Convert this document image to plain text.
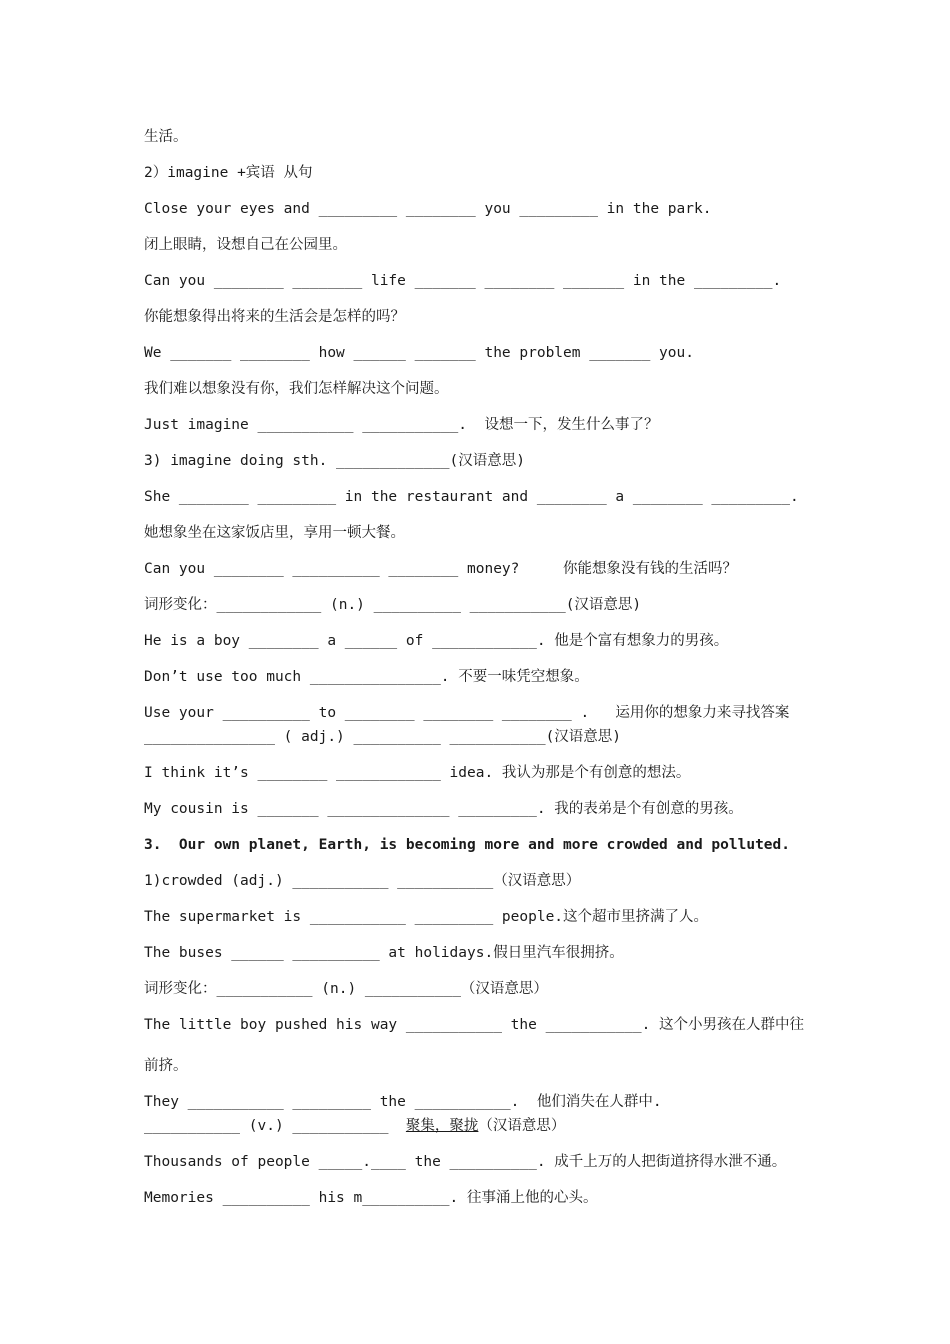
生活。
2）imagine +宾语 从句
Close your eyes and _________ ________ you _________ in the park.
闭上眼睛，设想自己在公园里。
Can you ________ ________ life _______ ________ _______ in the _________.
你能想象得出将来的生活会是怎样的吗？
We _______ ________ how ______ _______ the problem _______ you.
我们难以想象没有你，我们怎样解决这个问题。
Just imagine ___________ ___________.  设想一下，发生什么事了？
3) imagine doing sth. _____________(汉语意思)
She ________ _________ in the restaurant and ________ a ________ _________.
她想象坐在这家饭店里，享用一顿大餐。
Can you ________ __________ ________ money?     你能想象没有钱的生活吗？
词形变化：____________ (n.) __________ ___________(汉语意思)
He is a boy ________ a ______ of ____________. 他是个富有想象力的男孩。
Don’t use too much _______________. 不要一味凭空想象。
Use your __________ to ________ ________ ________ .   运用你的想象力来寻找答案
_______________ ( adj.) __________ ___________(汉语意思)
I think it’s ________ ____________ idea. 我认为那是个有创意的想法。
My cousin is _______ ______________ _________. 我的表弟是个有创意的男孩。
3.  Our own planet, Earth, is becoming more and more crowded and polluted.
1)crowded (adj.) ___________ ___________（汉语意思）
The supermarket is ___________ _________ people.这个超市里挤满了人。
The buses ______ __________ at holidays.假日里汽车很拥挤。
词形变化：___________ (n.) ___________（汉语意思）
The little boy pushed his way ___________ the ___________. 这个小男孩在人群中往
前挤。
They ___________ _________ the ___________.  他们消失在人群中.
___________ (v.) ___________  聚集，聚拢（汉语意思）
Thousands of people _____.____ the __________. 成千上万的人把街道挤得水泄不通。
Memories __________ his m__________. 往事涌上他的心头。
